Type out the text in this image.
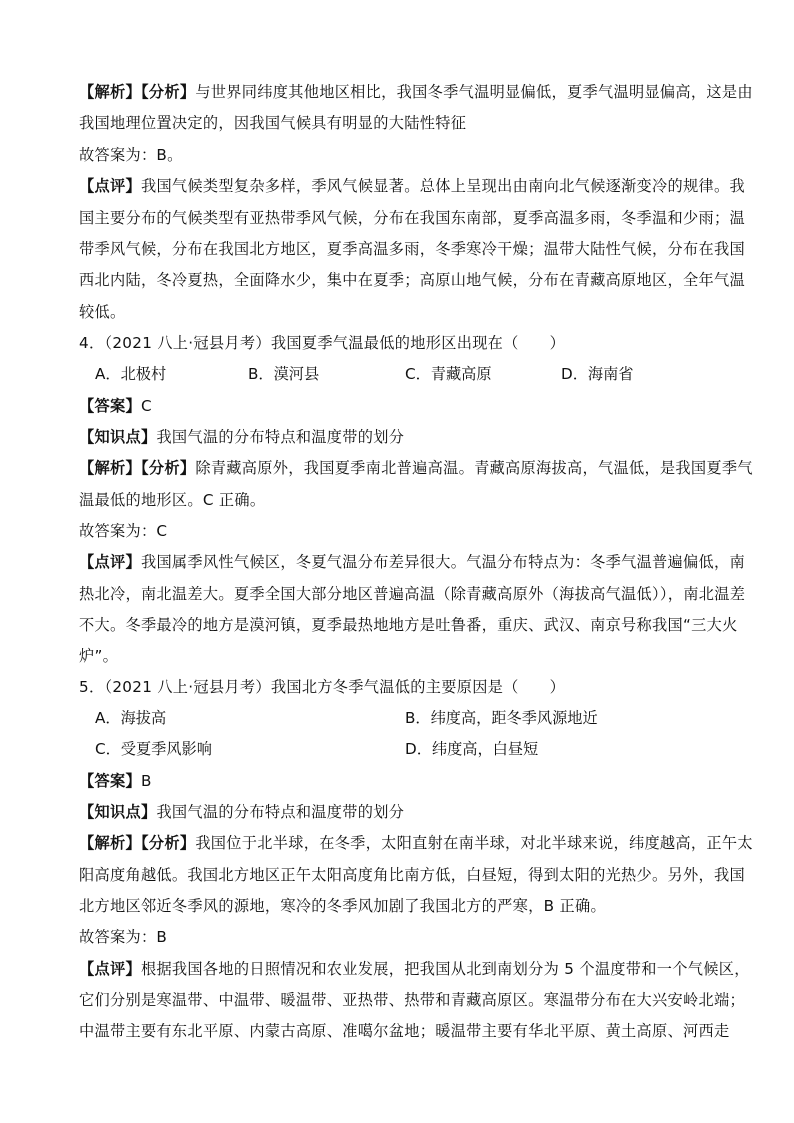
【解析】【分析】与世界同纬度其他地区相比，我国冬季气温明显偏低，夏季气温明显偏高，这是由
我国地理位置决定的，因我国气候具有明显的大陆性特征
故答案为：B。
【点评】我国气候类型复杂多样，季风气候显著。总体上呈现出由南向北气候逐渐变冷的规律。我
国主要分布的气候类型有亚热带季风气候，分布在我国东南部，夏季高温多雨，冬季温和少雨；温
带季风气候，分布在我国北方地区，夏季高温多雨，冬季寒冷干燥；温带大陆性气候，分布在我国
西北内陆，冬冷夏热，全面降水少，集中在夏季；高原山地气候，分布在青藏高原地区，全年气温
较低。
4．（2021 八上·冠县月考）我国夏季气温最低的地形区出现在（　　）
A．北极村	B．漠河县	C．青藏高原	D．海南省
【答案】C
【知识点】我国气温的分布特点和温度带的划分
【解析】【分析】除青藏高原外，我国夏季南北普遍高温。青藏高原海拔高，气温低，是我国夏季气
温最低的地形区。C 正确。
故答案为：C
【点评】我国属季风性气候区，冬夏气温分布差异很大。气温分布特点为：冬季气温普遍偏低，南
热北冷，南北温差大。夏季全国大部分地区普遍高温（除青藏高原外（海拔高气温低）），南北温差
不大。冬季最冷的地方是漠河镇，夏季最热地地方是吐鲁番，重庆、武汉、南京号称我国“三大火
炉”。
5．（2021 八上·冠县月考）我国北方冬季气温低的主要原因是（　　）
A．海拔高	B．纬度高，距冬季风源地近
C．受夏季风影响	D．纬度高，白昼短
【答案】B
【知识点】我国气温的分布特点和温度带的划分
【解析】【分析】我国位于北半球，在冬季，太阳直射在南半球，对北半球来说，纬度越高，正午太
阳高度角越低。我国北方地区正午太阳高度角比南方低，白昼短，得到太阳的光热少。另外，我国
北方地区邻近冬季风的源地，寒冷的冬季风加剧了我国北方的严寒，B 正确。
故答案为：B
【点评】根据我国各地的日照情况和农业发展，把我国从北到南划分为 5 个温度带和一个气候区，
它们分别是寒温带、中温带、暖温带、亚热带、热带和青藏高原区。寒温带分布在大兴安岭北端；
中温带主要有东北平原、内蒙古高原、准噶尔盆地；暖温带主要有华北平原、黄土高原、河西走
